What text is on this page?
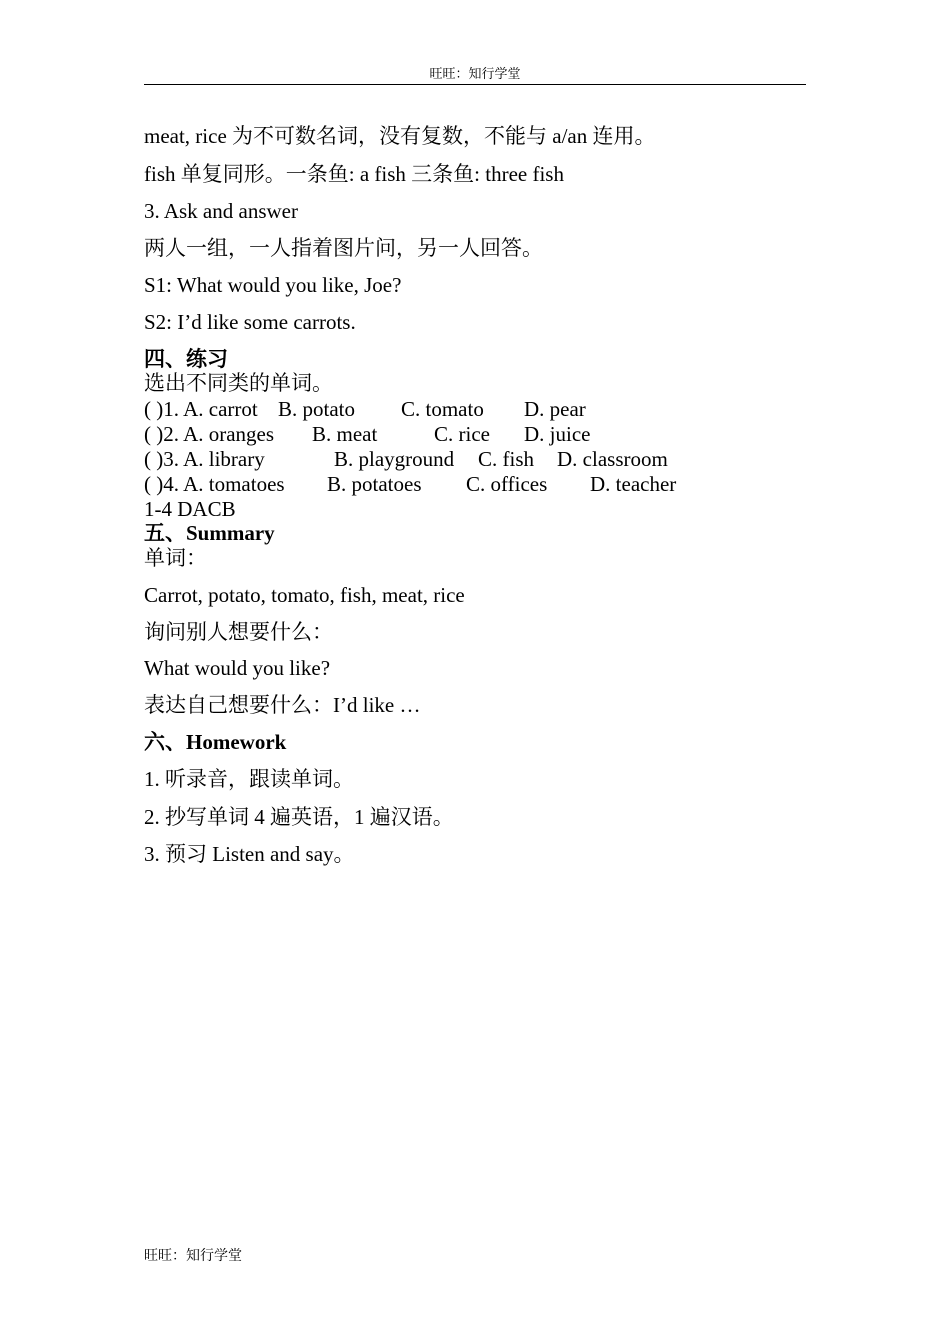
旺旺：知行学堂
meat, rice 为不可数名词，没有复数，不能与 a/an 连用。
fish 单复同形。一条鱼: a fish 三条鱼: three fish
3. Ask and answer
两人一组，一人指着图片问，另一人回答。
S1: What would you like, Joe?
S2: I’d like some carrots.
四、练习
选出不同类的单词。
( )1. A. carrot B. potato C. tomato D. pear
( )2. A. oranges B. meat	C. rice D. juice
( )3. A. library	B. playground C. fish D. classroom
( )4. A. tomatoes B. potatoes C. offices D. teacher
1-4 DACB
五、Summary
单词：
Carrot, potato, tomato, fish, meat, rice
询问别人想要什么：
What would you like?
表达自己想要什么：I’d like …
六、Homework
1. 听录音，跟读单词。
2. 抄写单词 4 遍英语，1 遍汉语。
3. 预习 Listen and say。
旺旺：知行学堂
